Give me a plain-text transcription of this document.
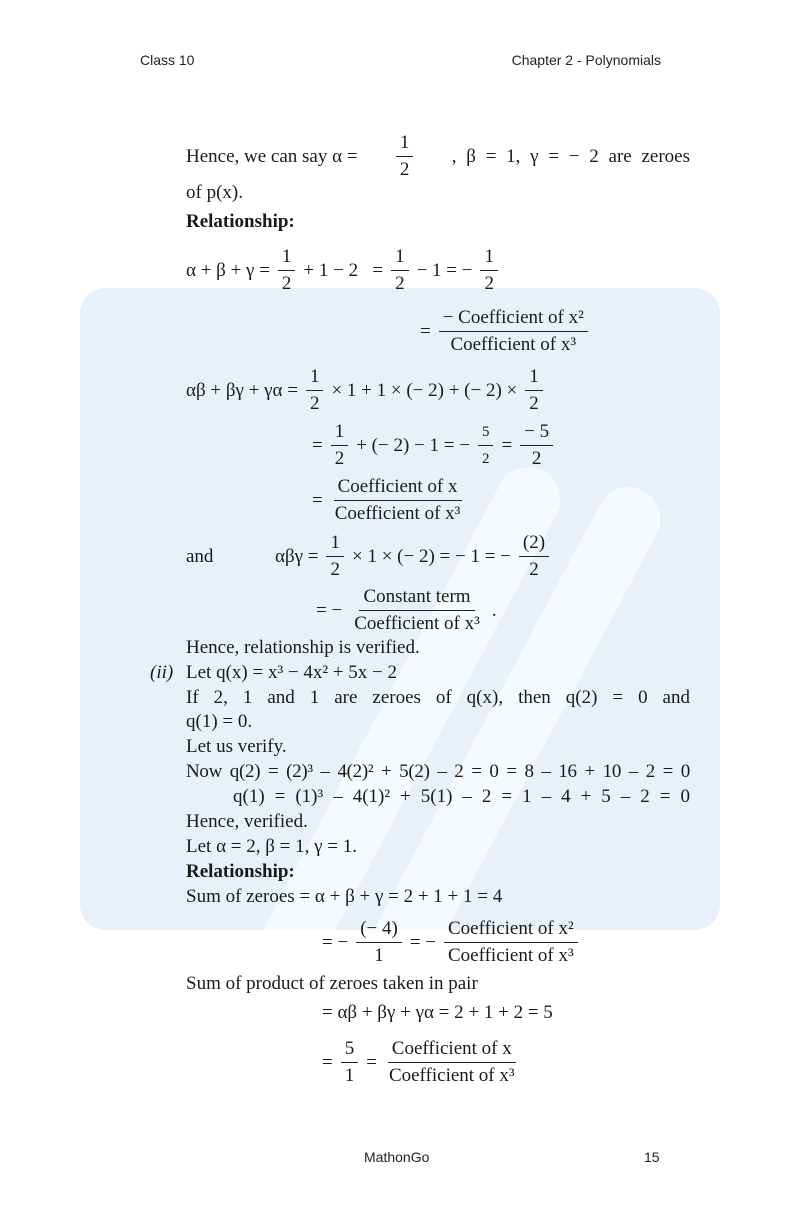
Class 10	Chapter 2 - Polynomials
Hence, we can say $\alpha = \frac{1}{2}$ , β = 1, γ = − 2 are zeroes
of p(x).
Relationship:
$\alpha + \beta + \gamma = \frac{1}{2} + 1 - 2 = \frac{1}{2} - 1$ = − $\frac{1}{2}$
= $\frac{\text{− Coefficient of x²}}{\text{Coefficient of x³}}$
$\alpha\beta + \beta\gamma + \gamma\alpha = \frac{1}{2} \times 1 + 1$ × (− 2) + (− $2) \times \frac{1}{2}$
= $\frac{1}{2}$ + (− 2) − 1 = − $\frac{5}{2} = \frac{- 5}{2}$
= $\frac{\text{Coefficient of x}}{\text{Coefficient of x³}}$
and	$\alpha\beta\gamma = \frac{1}{2} \times 1$ × (− 2) = − 1 = − $\frac{(2)}{2}$
= − $\frac{\text{Constant term}}{\text{Coefficient of x³}}$ .
Hence, relationship is verified.
(ii) Let q(x) = x³ − 4x² + 5x − 2
If 2, 1 and 1 are zeroes of q(x), then q(2) = 0 and
q(1) = 0.
Let us verify.
Now q(2) = (2)³ – 4(2)² + 5(2) – 2 = 0 = 8 – 16 + 10 – 2 = 0
q(1) = (1)³ – 4(1)² + 5(1) – 2 = 1 – 4 + 5 – 2 = 0
Hence, verified.
Let α = 2, β = 1, γ = 1.
Relationship:
Sum of zeroes = α + β + γ = 2 + 1 + 1 = 4
= − $\frac{(- 4)}{1}$ = − $\frac{\text{Coefficient of x²}}{\text{Coefficient of x³}}$
Sum of product of zeroes taken in pair
= αβ + βγ + γα = 2 + 1 + 2 = 5
= $\frac{5}{1} = \frac{\text{Coefficient of x}}{\text{Coefficient of x³}}$
MathonGo	15
